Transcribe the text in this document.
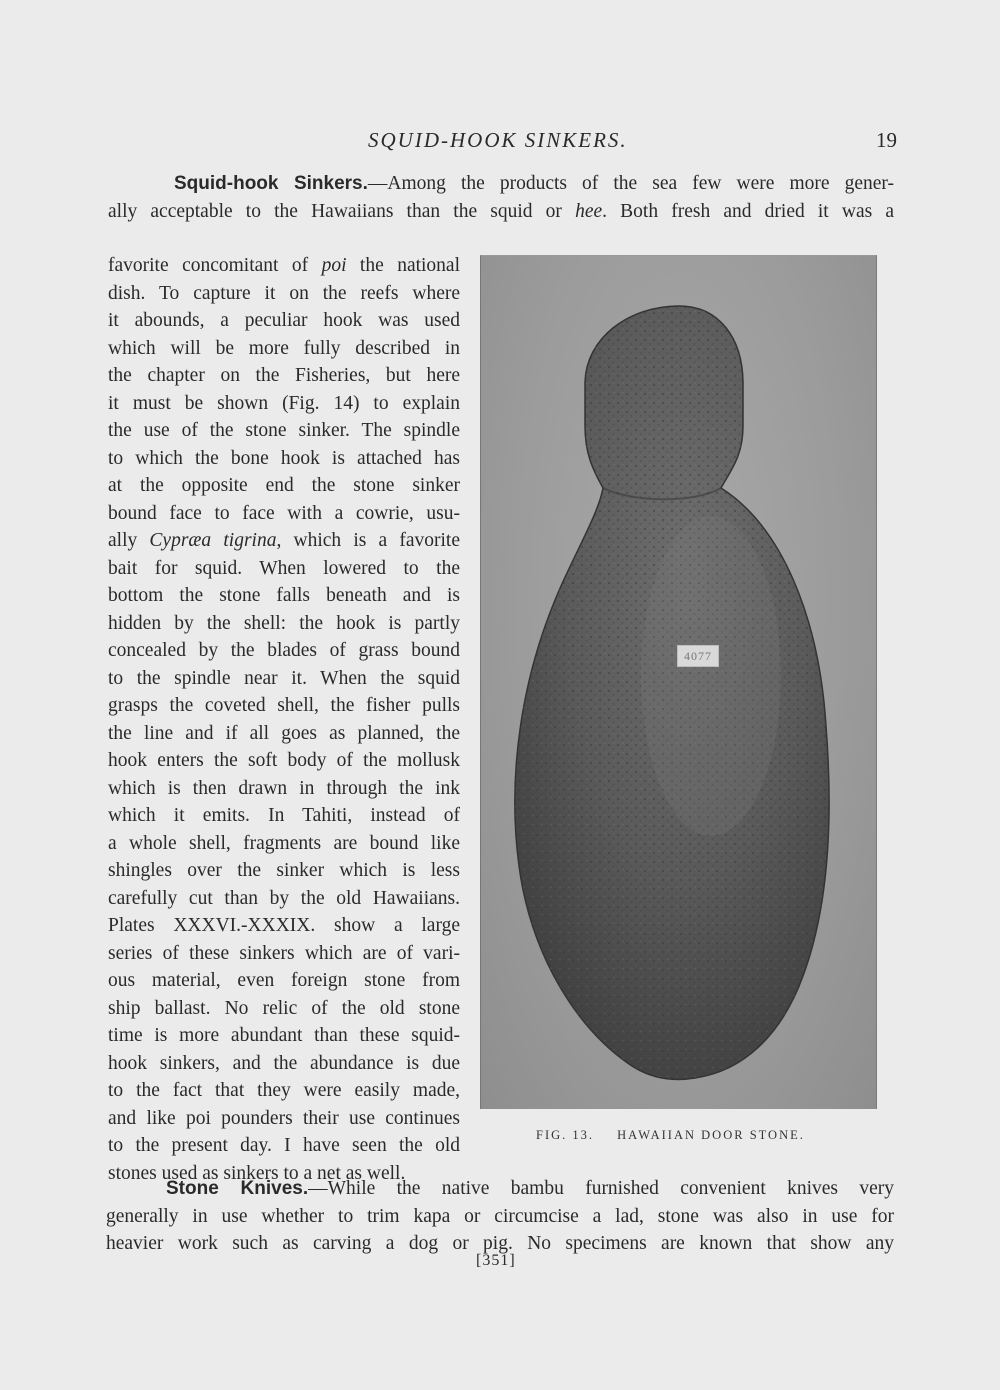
SQUID-HOOK SINKERS.	19

Squid-hook Sinkers.—Among the products of the sea few were more gener-
ally acceptable to the Hawaiians than the squid or hee. Both fresh and dried it was a

favorite concomitant of poi the national
dish. To capture it on the reefs where
it abounds, a peculiar hook was used
which will be more fully described in
the chapter on the Fisheries, but here
it must be shown (Fig. 14) to explain
the use of the stone sinker. The spindle
to which the bone hook is attached has
at the opposite end the stone sinker
bound face to face with a cowrie, usu-
ally Cypræa tigrina, which is a favorite
bait for squid. When lowered to the
bottom the stone falls beneath and is
hidden by the shell: the hook is partly
concealed by the blades of grass bound
to the spindle near it. When the squid
grasps the coveted shell, the fisher pulls
the line and if all goes as planned, the
hook enters the soft body of the mollusk
which is then drawn in through the ink
which it emits. In Tahiti, instead of
a whole shell, fragments are bound like
shingles over the sinker which is less
carefully cut than by the old Hawaiians.
Plates XXXVI.-XXXIX. show a large
series of these sinkers which are of vari-
ous material, even foreign stone from
ship ballast. No relic of the old stone
time is more abundant than these squid-
hook sinkers, and the abundance is due
to the fact that they were easily made,
and like poi pounders their use continues
to the present day. I have seen the old
stones used as sinkers to a net as well.

4077
FIG. 13. HAWAIIAN DOOR STONE.

Stone Knives.—While the native bambu furnished convenient knives very
generally in use whether to trim kapa or circumcise a lad, stone was also in use for
heavier work such as carving a dog or pig. No specimens are known that show any

[351]
